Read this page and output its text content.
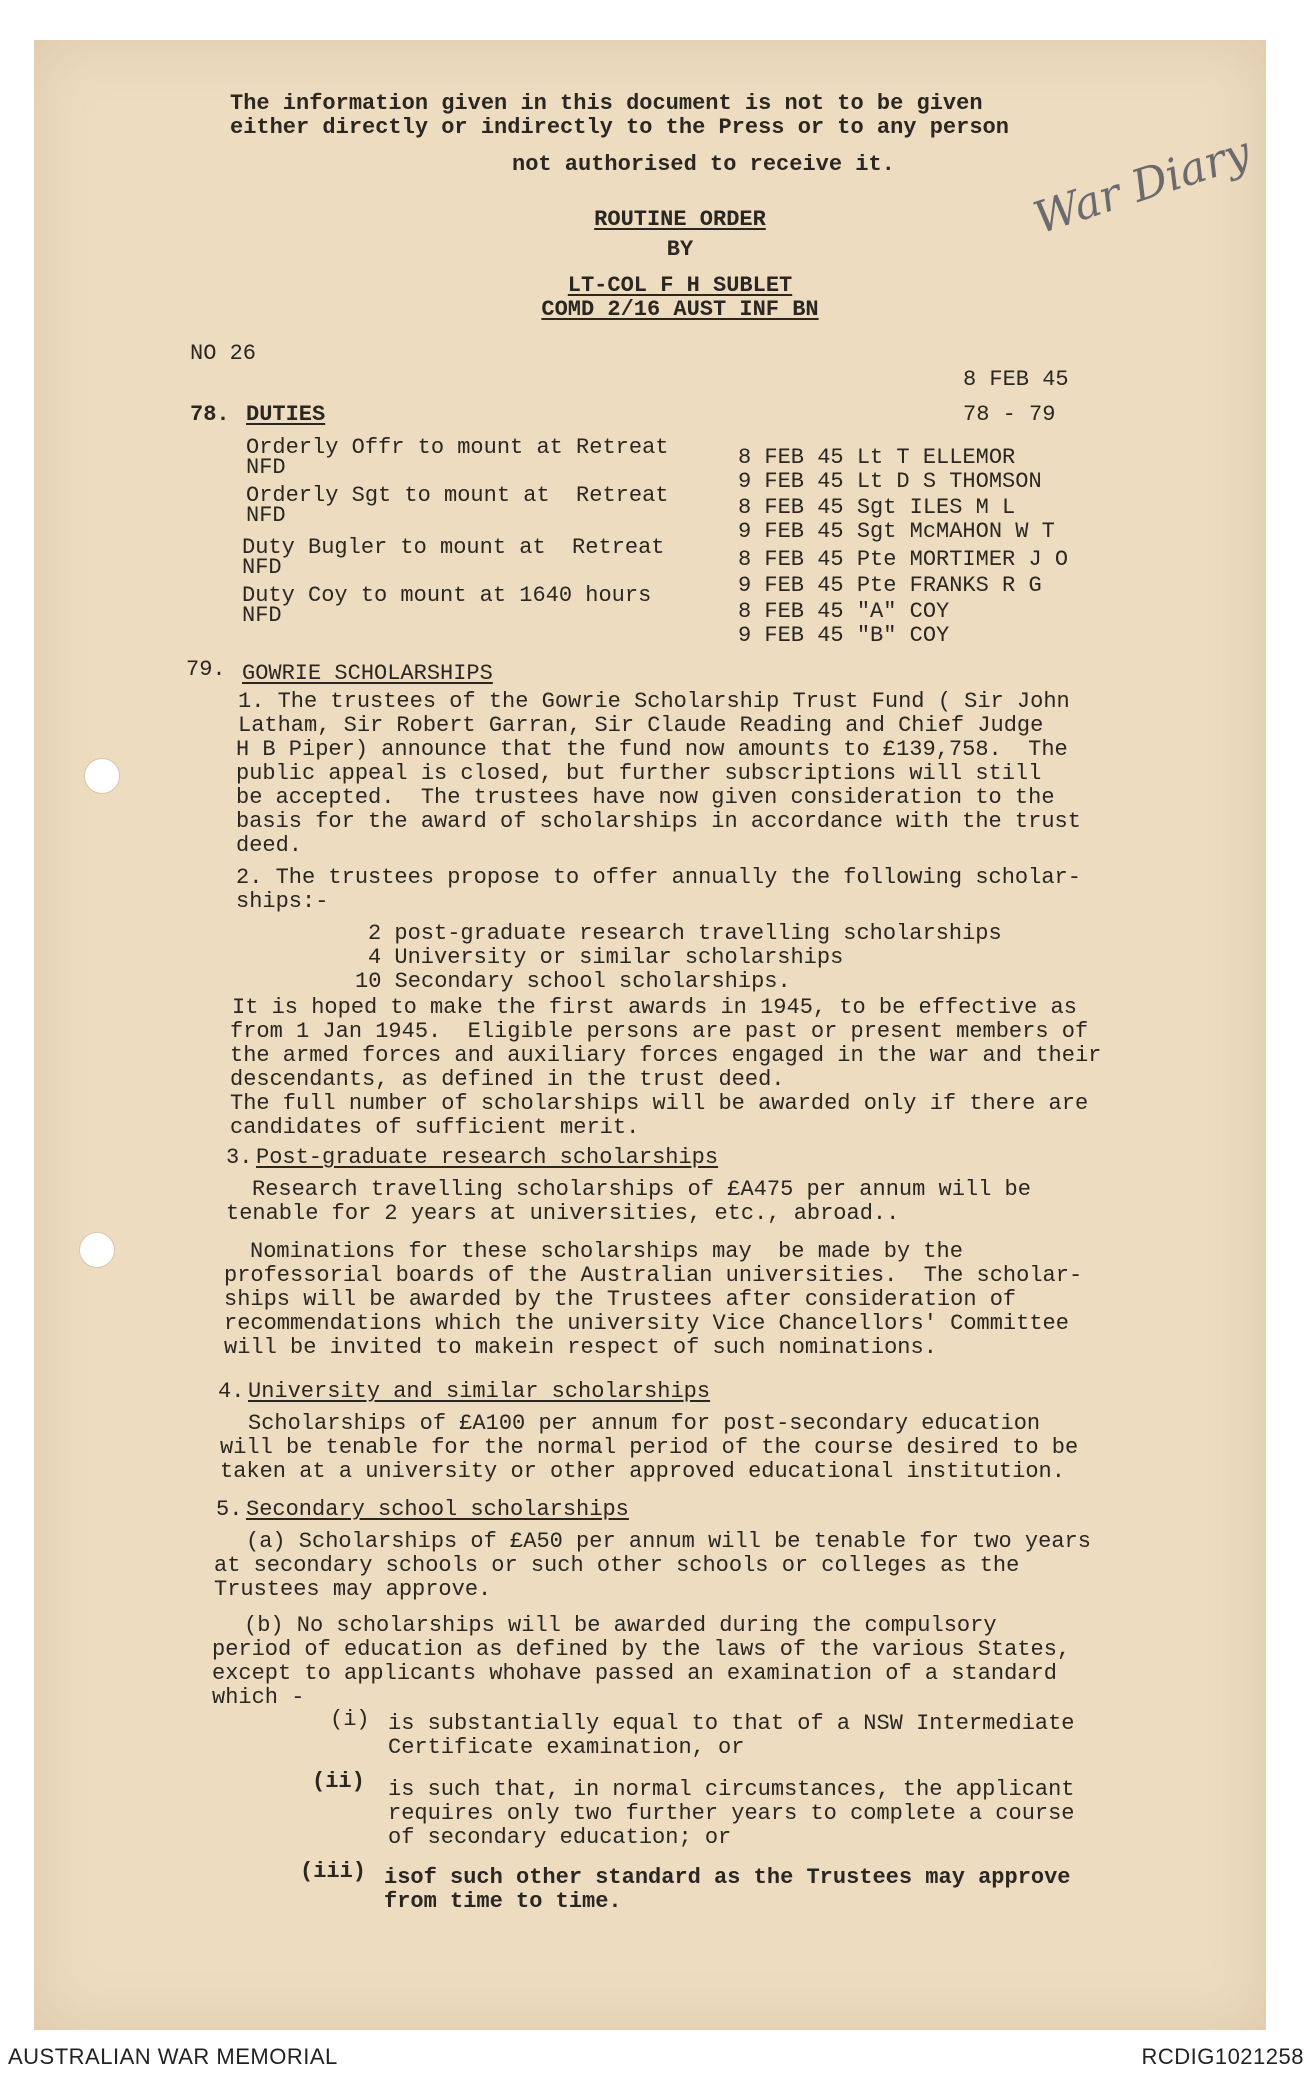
The information given in this document is not to be given
either directly or indirectly to the Press or to any person
not authorised to receive it.	War Diary
ROUTINE ORDER
BY
LT-COL F H SUBLET
COMD 2/16 AUST INF BN
NO 26
8 FEB 45
78 - 79
78. DUTIES
Orderly Offr to mount at Retreat
NFD	8 FEB 45 Lt T ELLEMOR
9 FEB 45 Lt D S THOMSON
Orderly Sgt to mount at  Retreat
NFD	8 FEB 45 Sgt ILES M L
9 FEB 45 Sgt McMAHON W T
Duty Bugler to mount at  Retreat
NFD	8 FEB 45 Pte MORTIMER J O
9 FEB 45 Pte FRANKS R G
Duty Coy to mount at 1640 hours
NFD	8 FEB 45 "A" COY
9 FEB 45 "B" COY
79. GOWRIE SCHOLARSHIPS
1. The trustees of the Gowrie Scholarship Trust Fund ( Sir John
Latham, Sir Robert Garran, Sir Claude Reading and Chief Judge
H B Piper) announce that the fund now amounts to £139,758.  The
public appeal is closed, but further subscriptions will still
be accepted.  The trustees have now given consideration to the
basis for the award of scholarships in accordance with the trust
deed.
2. The trustees propose to offer annually the following scholar-
ships:-
2 post-graduate research travelling scholarships
4 University or similar scholarships
10 Secondary school scholarships.
It is hoped to make the first awards in 1945, to be effective as
from 1 Jan 1945.  Eligible persons are past or present members of
the armed forces and auxiliary forces engaged in the war and their
descendants, as defined in the trust deed.
The full number of scholarships will be awarded only if there are
candidates of sufficient merit.
3. Post-graduate research scholarships
Research travelling scholarships of £A475 per annum will be
tenable for 2 years at universities, etc., abroad..
Nominations for these scholarships may  be made by the
professorial boards of the Australian universities.  The scholar-
ships will be awarded by the Trustees after consideration of
recommendations which the university Vice Chancellors' Committee
will be invited to makein respect of such nominations.
4. University and similar scholarships
Scholarships of £A100 per annum for post-secondary education
will be tenable for the normal period of the course desired to be
taken at a university or other approved educational institution.
5. Secondary school scholarships
(a) Scholarships of £A50 per annum will be tenable for two years
at secondary schools or such other schools or colleges as the
Trustees may approve.
(b) No scholarships will be awarded during the compulsory
period of education as defined by the laws of the various States,
except to applicants whohave passed an examination of a standard
which -
(i) is substantially equal to that of a NSW Intermediate
Certificate examination, or
(ii) is such that, in normal circumstances, the applicant
requires only two further years to complete a course
of secondary education; or
(iii) isof such other standard as the Trustees may approve
from time to time.
AUSTRALIAN WAR MEMORIAL	RCDIG1021258
